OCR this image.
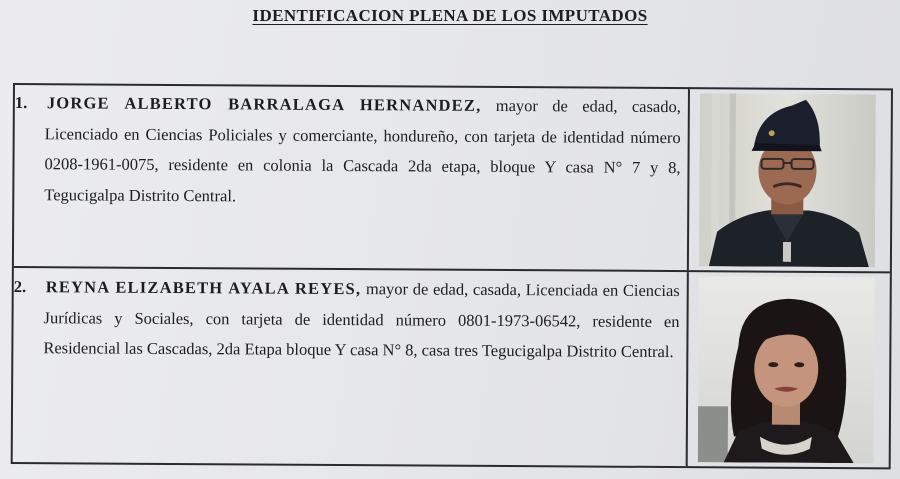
IDENTIFICACION PLENA DE LOS IMPUTADOS
1. JORGE ALBERTO BARRALAGA HERNANDEZ, mayor de edad, casado, Licenciado en Ciencias Policiales y comerciante, hondureño, con tarjeta de identidad número 0208-1961-0075, residente en colonia la Cascada 2da etapa, bloque Y casa N° 7 y 8, Tegucigalpa Distrito Central.
2. REYNA ELIZABETH AYALA REYES, mayor de edad, casada, Licenciada en Ciencias Jurídicas y Sociales, con tarjeta de identidad número 0801-1973-06542, residente en Residencial las Cascadas, 2da Etapa bloque Y casa N° 8, casa tres Tegucigalpa Distrito Central.
